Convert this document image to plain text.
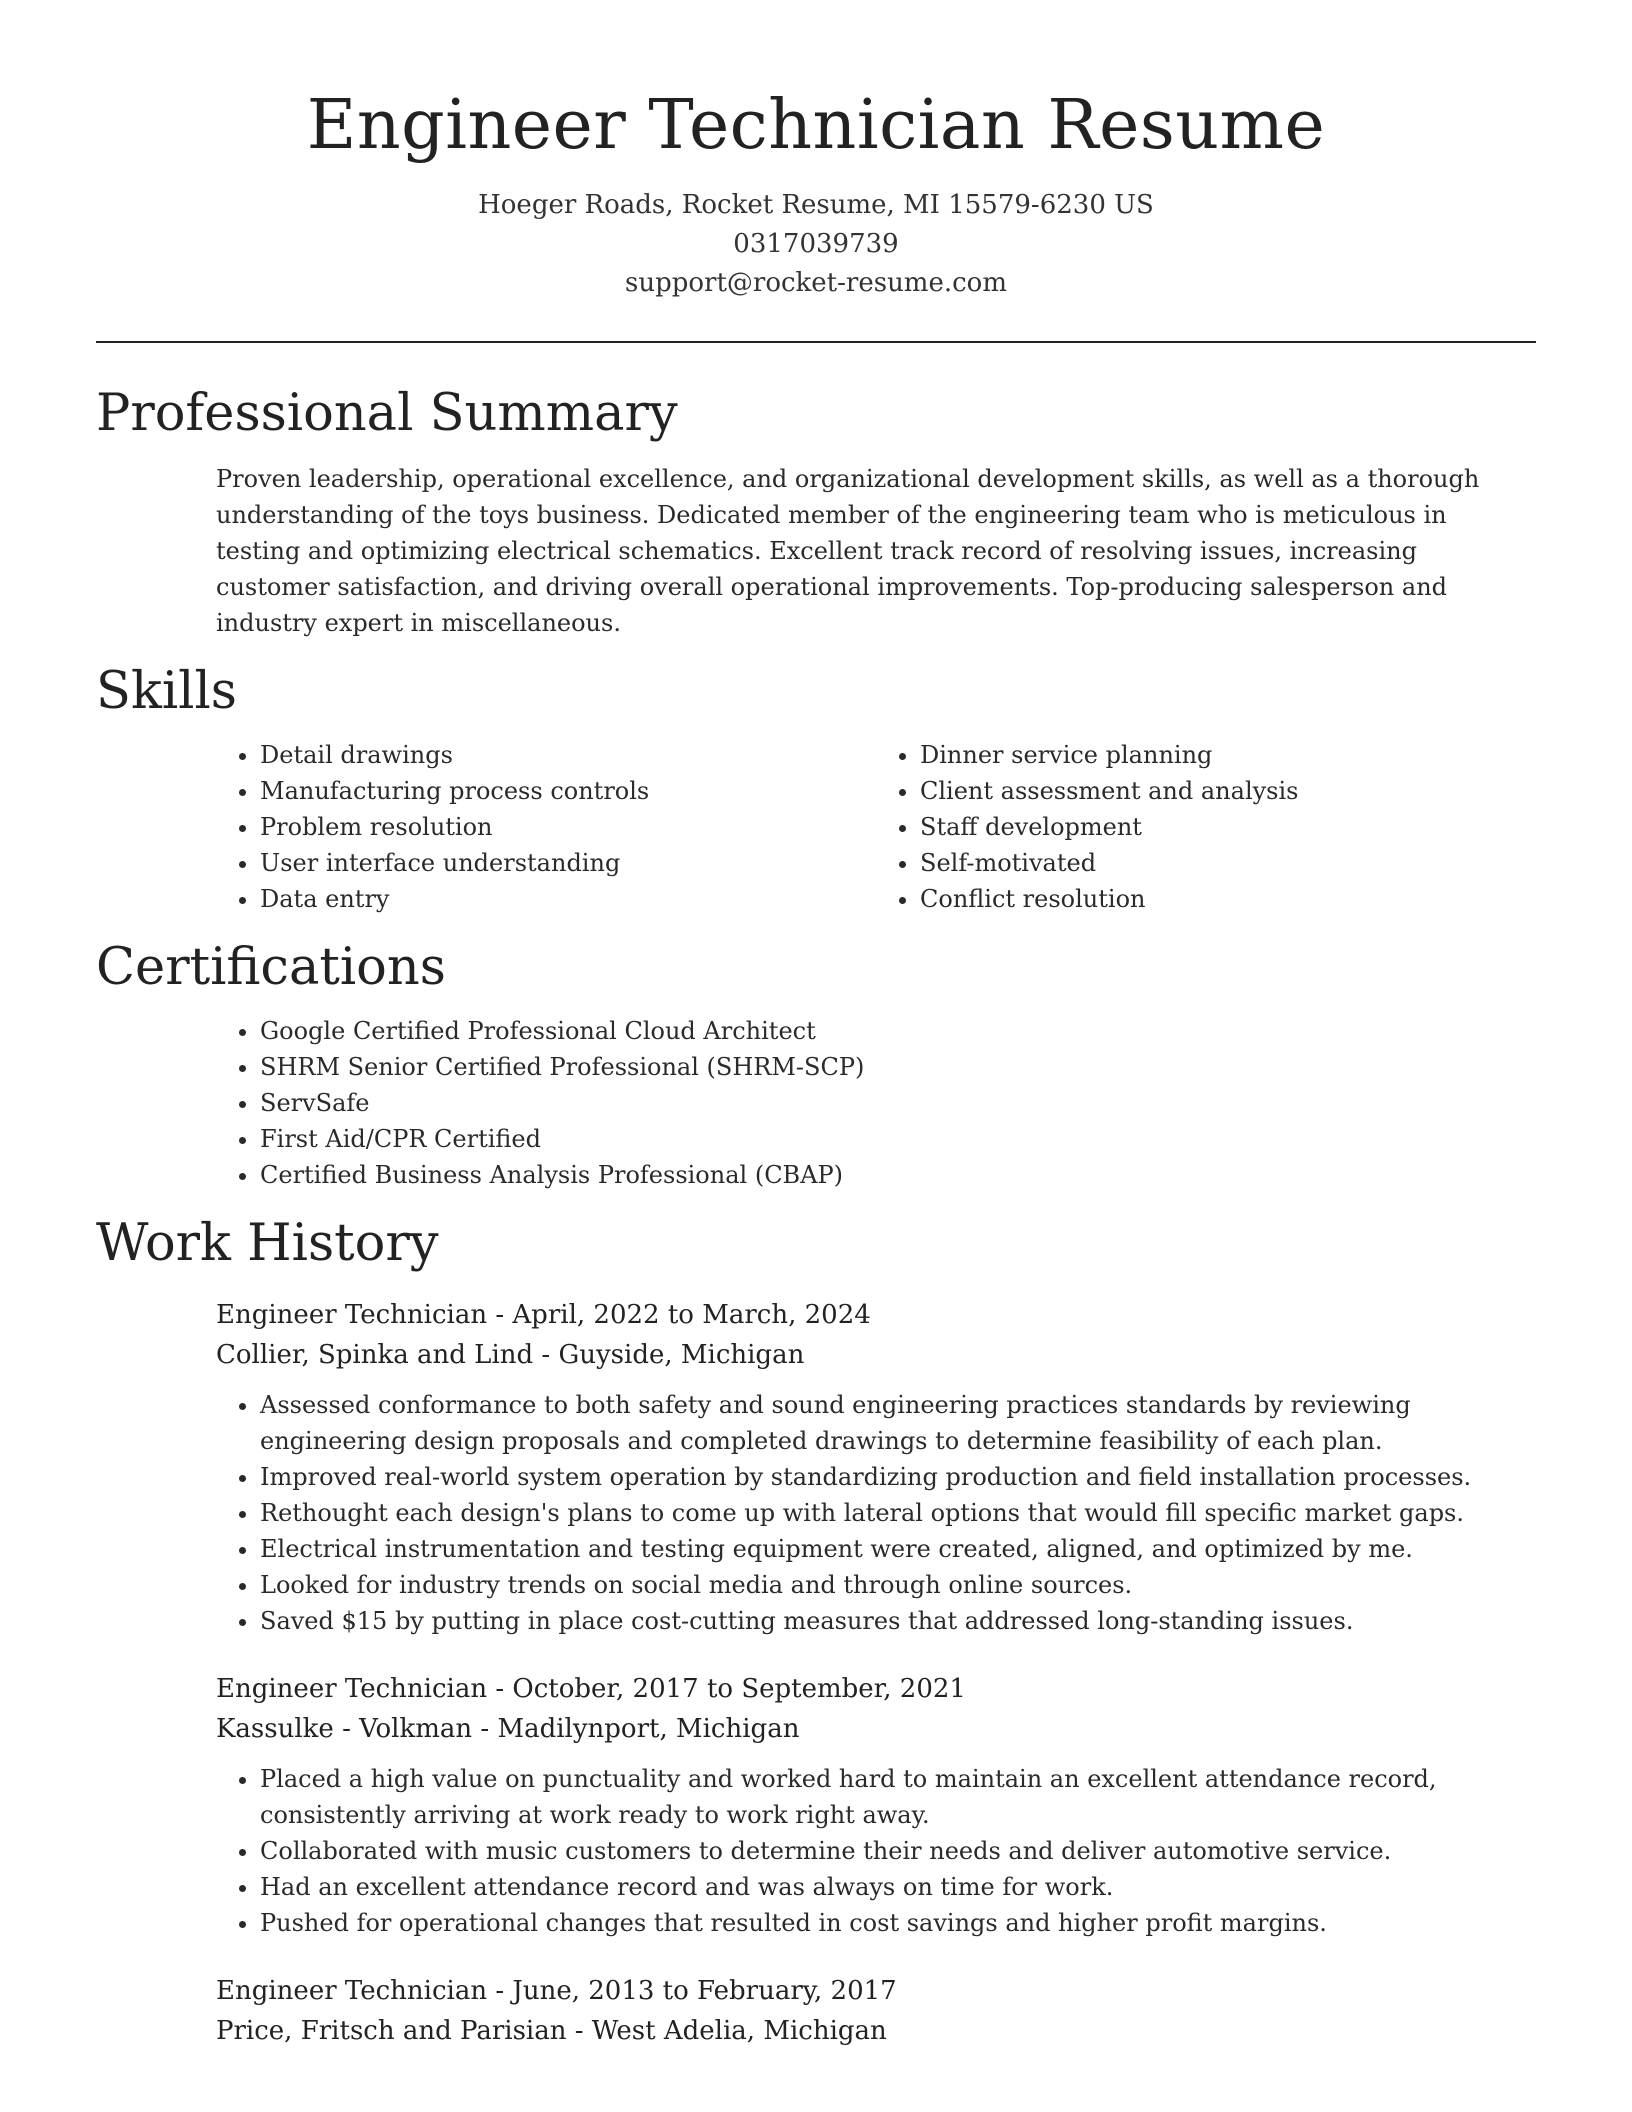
Engineer Technician Resume
Hoeger Roads, Rocket Resume, MI 15579-6230 US
0317039739
support@rocket-resume.com
Professional Summary

Proven leadership, operational excellence, and organizational development skills, as well as a thorough understanding of the toys business. Dedicated member of the engineering team who is meticulous in testing and optimizing electrical schematics. Excellent track record of resolving issues, increasing customer satisfaction, and driving overall operational improvements. Top-producing salesperson and industry expert in miscellaneous.

Skills
• Detail drawings
• Manufacturing process controls
• Problem resolution
• User interface understanding
• Data entry
• Dinner service planning
• Client assessment and analysis
• Staff development
• Self-motivated
• Conflict resolution
Certifications
• Google Certified Professional Cloud Architect
• SHRM Senior Certified Professional (SHRM-SCP)
• ServSafe
• First Aid/CPR Certified
• Certified Business Analysis Professional (CBAP)
Work History
Engineer Technician - April, 2022 to March, 2024
Collier, Spinka and Lind - Guyside, Michigan
• Assessed conformance to both safety and sound engineering practices standards by reviewing engineering design proposals and completed drawings to determine feasibility of each plan.
• Improved real-world system operation by standardizing production and field installation processes.
• Rethought each design's plans to come up with lateral options that would fill specific market gaps.
• Electrical instrumentation and testing equipment were created, aligned, and optimized by me.
• Looked for industry trends on social media and through online sources.
• Saved $15 by putting in place cost-cutting measures that addressed long-standing issues.
Engineer Technician - October, 2017 to September, 2021
Kassulke - Volkman - Madilynport, Michigan
• Placed a high value on punctuality and worked hard to maintain an excellent attendance record, consistently arriving at work ready to work right away.
• Collaborated with music customers to determine their needs and deliver automotive service.
• Had an excellent attendance record and was always on time for work.
• Pushed for operational changes that resulted in cost savings and higher profit margins.
Engineer Technician - June, 2013 to February, 2017
Price, Fritsch and Parisian - West Adelia, Michigan
